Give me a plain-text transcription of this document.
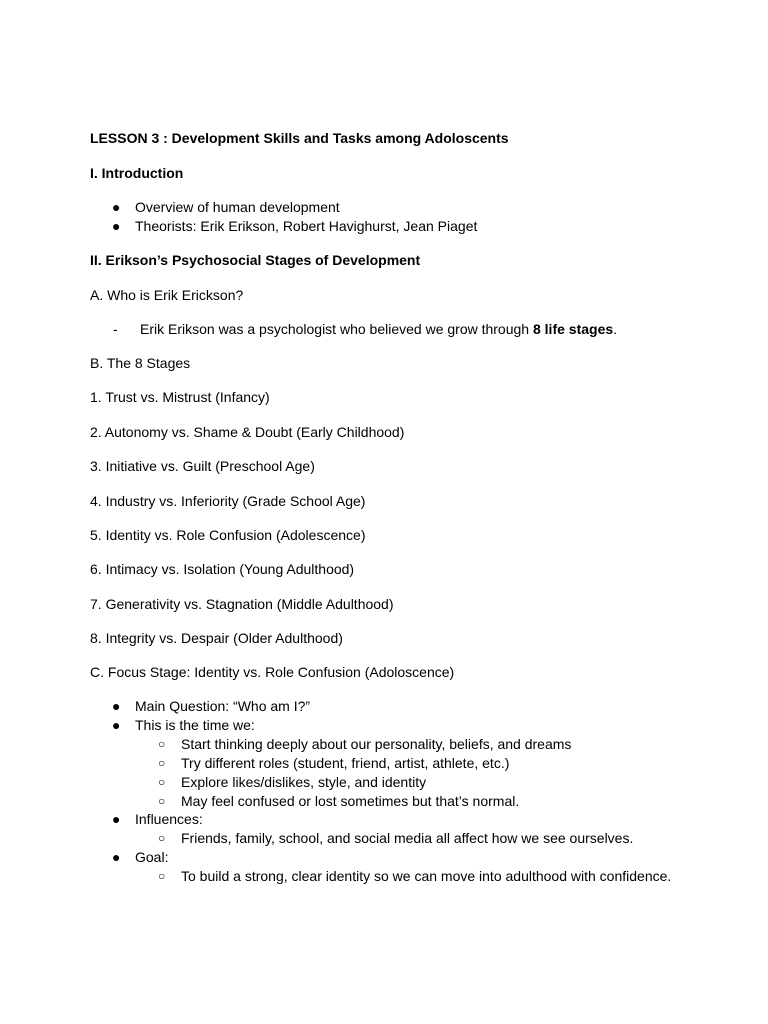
LESSON 3 : Development Skills and Tasks among Adoloscents
I. Introduction
● Overview of human development
● Theorists: Erik Erikson, Robert Havighurst, Jean Piaget
II. Erikson’s Psychosocial Stages of Development
A. Who is Erik Erickson?
- Erik Erikson was a psychologist who believed we grow through 8 life stages.
B. The 8 Stages
1. Trust vs. Mistrust (Infancy)
2. Autonomy vs. Shame & Doubt (Early Childhood)
3. Initiative vs. Guilt (Preschool Age)
4. Industry vs. Inferiority (Grade School Age)
5. Identity vs. Role Confusion (Adolescence)
6. Intimacy vs. Isolation (Young Adulthood)
7. Generativity vs. Stagnation (Middle Adulthood)
8. Integrity vs. Despair (Older Adulthood)
C. Focus Stage: Identity vs. Role Confusion (Adoloscence)
● Main Question: “Who am I?”
● This is the time we:
○ Start thinking deeply about our personality, beliefs, and dreams
○ Try different roles (student, friend, artist, athlete, etc.)
○ Explore likes/dislikes, style, and identity
○ May feel confused or lost sometimes but that’s normal.
● Influences:
○ Friends, family, school, and social media all affect how we see ourselves.
● Goal:
○ To build a strong, clear identity so we can move into adulthood with confidence.
